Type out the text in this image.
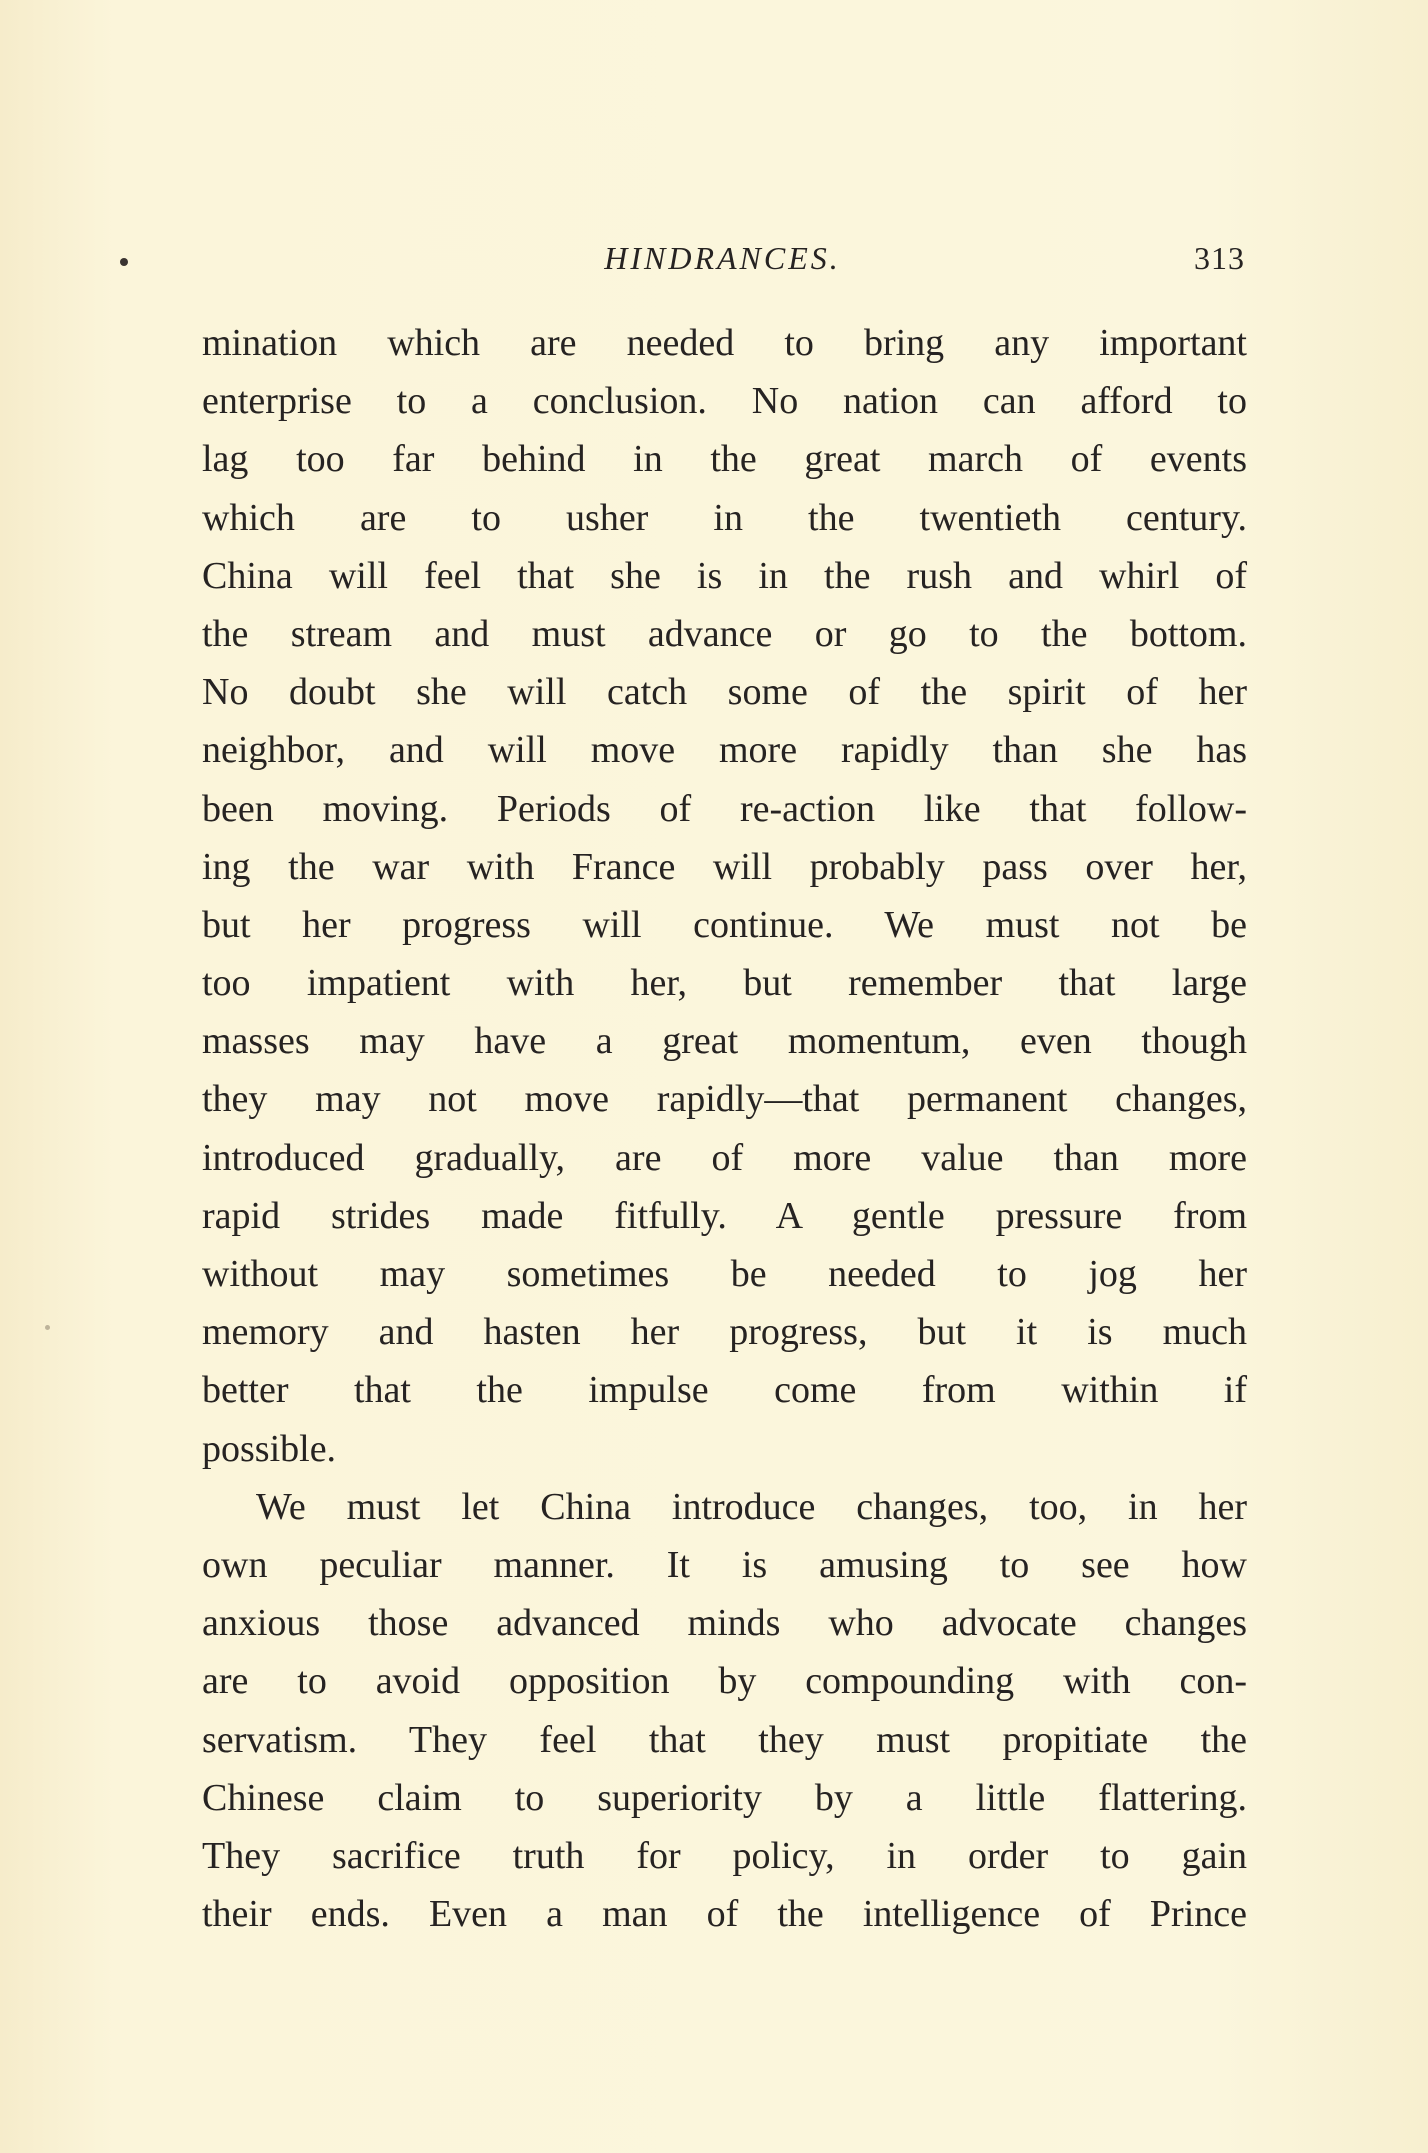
HINDRANCES.	313
mination which are needed to bring any important
enterprise to a conclusion. No nation can afford to
lag too far behind in the great march of events
which are to usher in the twentieth century.
China will feel that she is in the rush and whirl of
the stream and must advance or go to the bottom.
No doubt she will catch some of the spirit of her
neighbor, and will move more rapidly than she has
been moving. Periods of re-action like that follow-
ing the war with France will probably pass over her,
but her progress will continue. We must not be
too impatient with her, but remember that large
masses may have a great momentum, even though
they may not move rapidly—that permanent changes,
introduced gradually, are of more value than more
rapid strides made fitfully. A gentle pressure from
without may sometimes be needed to jog her
memory and hasten her progress, but it is much
better that the impulse come from within if
possible.
We must let China introduce changes, too, in her
own peculiar manner. It is amusing to see how
anxious those advanced minds who advocate changes
are to avoid opposition by compounding with con-
servatism. They feel that they must propitiate the
Chinese claim to superiority by a little flattering.
They sacrifice truth for policy, in order to gain
their ends. Even a man of the intelligence of Prince
